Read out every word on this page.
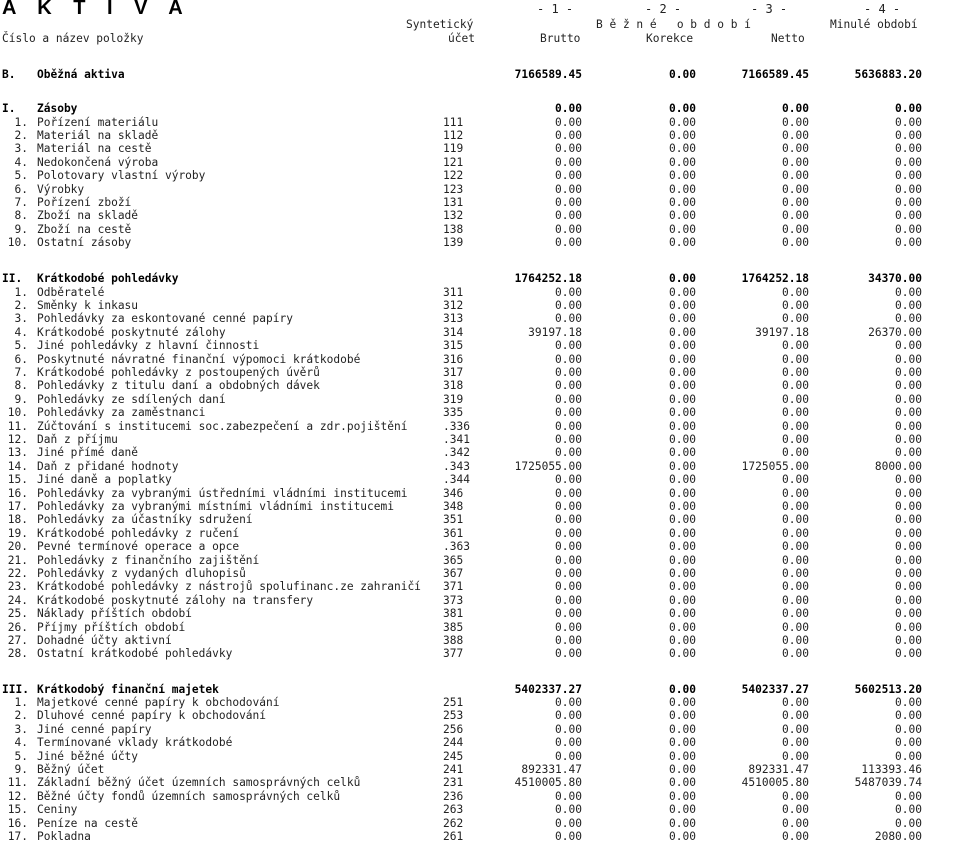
A K T I V A	- 1 -	- 2 -	- 3 -	- 4 -
Syntetický	B ě ž n é   o b d o b í	Minulé období
Číslo a název položky	účet	Brutto	Korekce	Netto
B. Oběžná aktiva	7166589.45	0.00	7166589.45	5636883.20
I. Zásoby	0.00	0.00	0.00	0.00
1. Pořízení materiálu	111	0.00	0.00	0.00	0.00
2. Materiál na skladě	112	0.00	0.00	0.00	0.00
3. Materiál na cestě	119	0.00	0.00	0.00	0.00
4. Nedokončená výroba	121	0.00	0.00	0.00	0.00
5. Polotovary vlastní výroby	122	0.00	0.00	0.00	0.00
6. Výrobky	123	0.00	0.00	0.00	0.00
7. Pořízení zboží	131	0.00	0.00	0.00	0.00
8. Zboží na skladě	132	0.00	0.00	0.00	0.00
9. Zboží na cestě	138	0.00	0.00	0.00	0.00
10. Ostatní zásoby	139	0.00	0.00	0.00	0.00
II. Krátkodobé pohledávky	1764252.18	0.00	1764252.18	34370.00
1. Odběratelé	311	0.00	0.00	0.00	0.00
2. Směnky k inkasu	312	0.00	0.00	0.00	0.00
3. Pohledávky za eskontované cenné papíry	313	0.00	0.00	0.00	0.00
4. Krátkodobé poskytnuté zálohy	314	39197.18	0.00	39197.18	26370.00
5. Jiné pohledávky z hlavní činnosti	315	0.00	0.00	0.00	0.00
6. Poskytnuté návratné finanční výpomoci krátkodobé	316	0.00	0.00	0.00	0.00
7. Krátkodobé pohledávky z postoupených úvěrů	317	0.00	0.00	0.00	0.00
8. Pohledávky z titulu daní a obdobných dávek	318	0.00	0.00	0.00	0.00
9. Pohledávky ze sdílených daní	319	0.00	0.00	0.00	0.00
10. Pohledávky za zaměstnanci	335	0.00	0.00	0.00	0.00
11. Zúčtování s institucemi soc.zabezpečení a zdr.pojištění	.336	0.00	0.00	0.00	0.00
12. Daň z příjmu	.341	0.00	0.00	0.00	0.00
13. Jiné přímé daně	.342	0.00	0.00	0.00	0.00
14. Daň z přidané hodnoty	.343	1725055.00	0.00	1725055.00	8000.00
15. Jiné daně a poplatky	.344	0.00	0.00	0.00	0.00
16. Pohledávky za vybranými ústředními vládními institucemi	346	0.00	0.00	0.00	0.00
17. Pohledávky za vybranými místními vládními institucemi	348	0.00	0.00	0.00	0.00
18. Pohledávky za účastníky sdružení	351	0.00	0.00	0.00	0.00
19. Krátkodobé pohledávky z ručení	361	0.00	0.00	0.00	0.00
20. Pevné termínové operace a opce	.363	0.00	0.00	0.00	0.00
21. Pohledávky z finančního zajištění	365	0.00	0.00	0.00	0.00
22. Pohledávky z vydaných dluhopisů	367	0.00	0.00	0.00	0.00
23. Krátkodobé pohledávky z nástrojů spolufinanc.ze zahraničí	371	0.00	0.00	0.00	0.00
24. Krátkodobé poskytnuté zálohy na transfery	373	0.00	0.00	0.00	0.00
25. Náklady příštích období	381	0.00	0.00	0.00	0.00
26. Příjmy příštích období	385	0.00	0.00	0.00	0.00
27. Dohadné účty aktivní	388	0.00	0.00	0.00	0.00
28. Ostatní krátkodobé pohledávky	377	0.00	0.00	0.00	0.00
III. Krátkodobý finanční majetek	5402337.27	0.00	5402337.27	5602513.20
1. Majetkové cenné papíry k obchodování	251	0.00	0.00	0.00	0.00
2. Dluhové cenné papíry k obchodování	253	0.00	0.00	0.00	0.00
3. Jiné cenné papíry	256	0.00	0.00	0.00	0.00
4. Termínované vklady krátkodobé	244	0.00	0.00	0.00	0.00
5. Jiné běžné účty	245	0.00	0.00	0.00	0.00
9. Běžný účet	241	892331.47	0.00	892331.47	113393.46
11. Základní běžný účet územních samosprávných celků	231	4510005.80	0.00	4510005.80	5487039.74
12. Běžné účty fondů územních samosprávných celků	236	0.00	0.00	0.00	0.00
15. Ceniny	263	0.00	0.00	0.00	0.00
16. Peníze na cestě	262	0.00	0.00	0.00	0.00
17. Pokladna	261	0.00	0.00	0.00	2080.00
